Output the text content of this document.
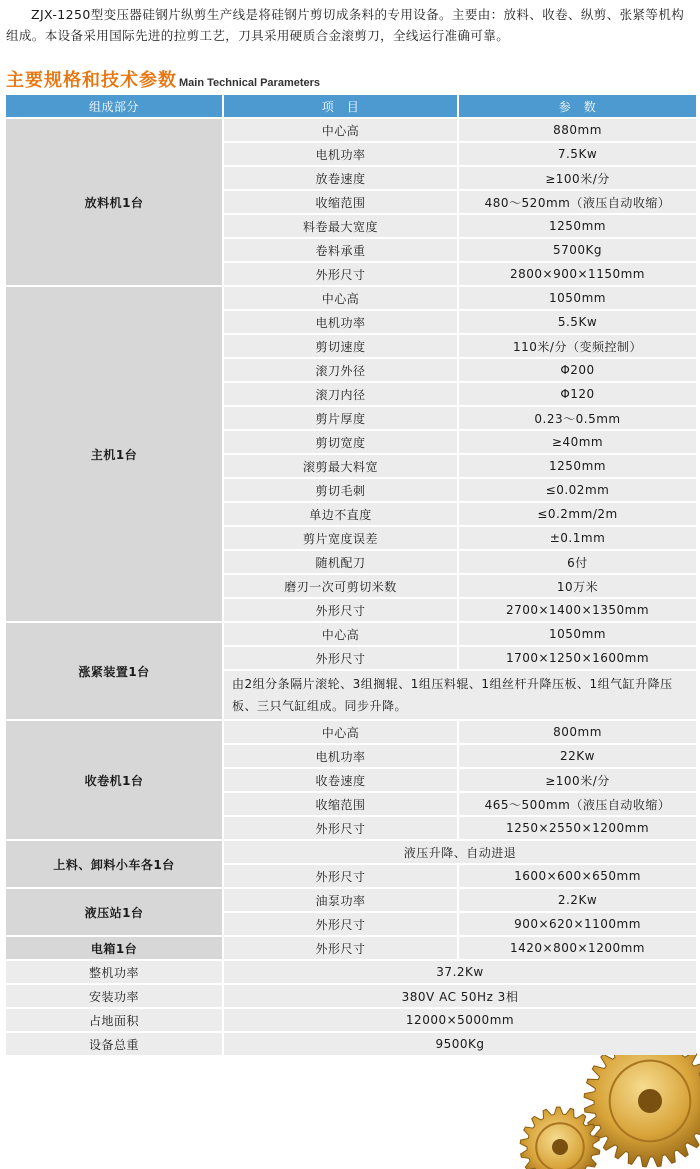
ZJX-1250型变压器硅钢片纵剪生产线是将硅钢片剪切成条料的专用设备。主要由：放料、收卷、纵剪、张紧等机构组成。本设备采用国际先进的拉剪工艺，刀具采用硬质合金滚剪刀，全线运行准确可靠。

主要规格和技术参数 Main Technical Parameters
组成部分	项　目	参　数
放料机1台	中心高	880mm
	电机功率	7.5Kw
	放卷速度	≥100米/分
	收缩范围	480～520mm（液压自动收缩）
	料卷最大宽度	1250mm
	卷料承重	5700Kg
	外形尺寸	2800×900×1150mm
主机1台	中心高	1050mm
	电机功率	5.5Kw
	剪切速度	110米/分（变频控制）
	滚刀外径	Φ200
	滚刀内径	Φ120
	剪片厚度	0.23～0.5mm
	剪切宽度	≥40mm
	滚剪最大料宽	1250mm
	剪切毛刺	≤0.02mm
	单边不直度	≤0.2mm/2m
	剪片宽度误差	±0.1mm
	随机配刀	6付
	磨刃一次可剪切米数	10万米
	外形尺寸	2700×1400×1350mm
涨紧装置1台	中心高	1050mm
	外形尺寸	1700×1250×1600mm
	由2组分条隔片滚轮、3组搁辊、1组压料辊、1组丝杆升降压板、1组气缸升降压板、三只气缸组成。同步升降。	
收卷机1台	中心高	800mm
	电机功率	22Kw
	收卷速度	≥100米/分
	收缩范围	465～500mm（液压自动收缩）
	外形尺寸	1250×2550×1200mm
上料、卸料小车各1台	液压升降、自动进退	
	外形尺寸	1600×600×650mm
液压站1台	油泵功率	2.2Kw
	外形尺寸	900×620×1100mm
电箱1台	外形尺寸	1420×800×1200mm
整机功率	37.2Kw	
安装功率	380V AC 50Hz 3相	
占地面积	12000×5000mm	
设备总重	9500Kg	
